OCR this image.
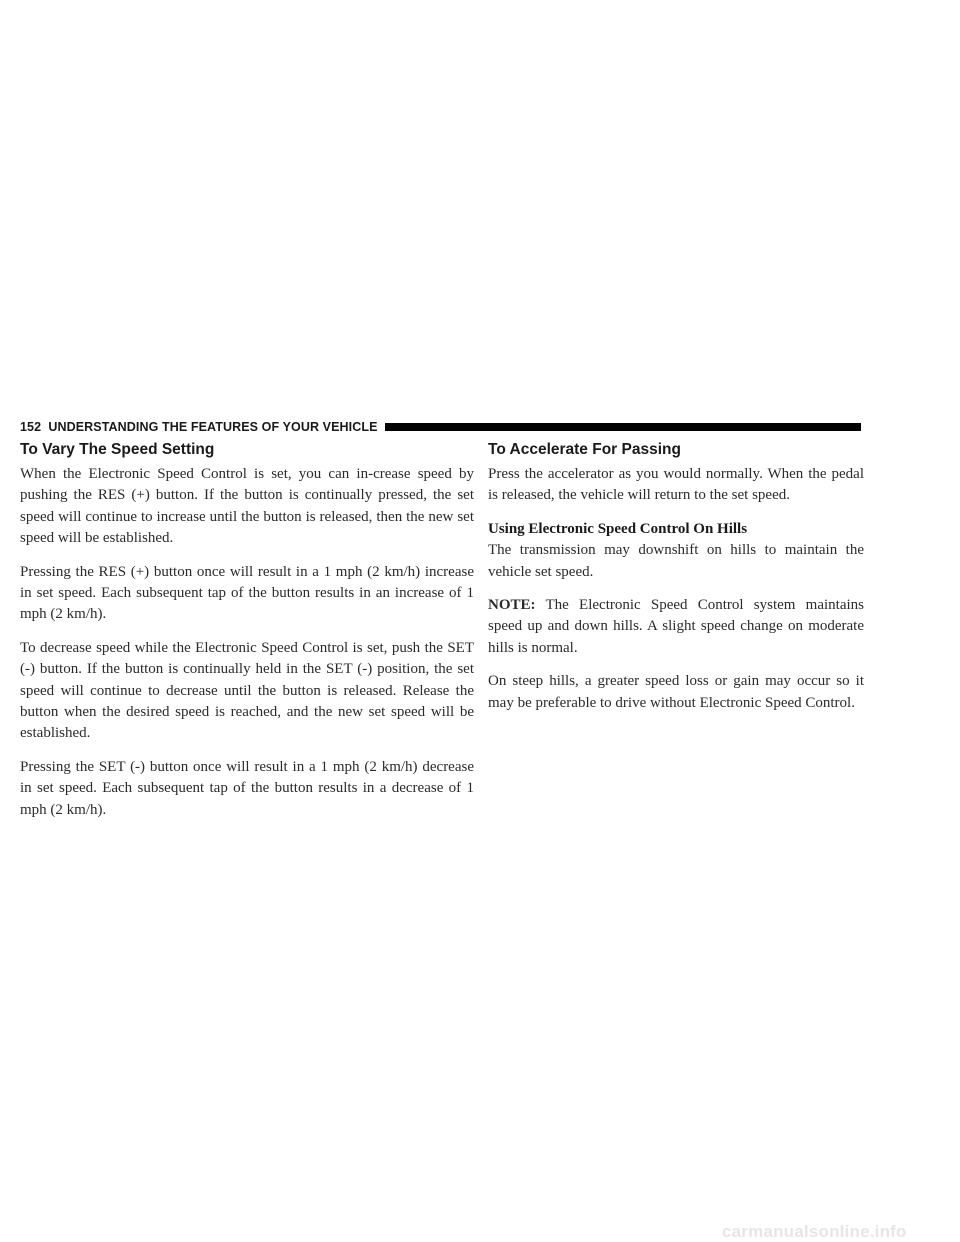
152 UNDERSTANDING THE FEATURES OF YOUR VEHICLE
To Vary The Speed Setting

When the Electronic Speed Control is set, you can in-crease speed by pushing the RES (+) button. If the button is continually pressed, the set speed will continue to increase until the button is released, then the new set speed will be established.

Pressing the RES (+) button once will result in a 1 mph (2 km/h) increase in set speed. Each subsequent tap of the button results in an increase of 1 mph (2 km/h).

To decrease speed while the Electronic Speed Control is set, push the SET (-) button. If the button is continually held in the SET (-) position, the set speed will continue to decrease until the button is released. Release the button when the desired speed is reached, and the new set speed will be established.

Pressing the SET (-) button once will result in a 1 mph (2 km/h) decrease in set speed. Each subsequent tap of the button results in a decrease of 1 mph (2 km/h).

To Accelerate For Passing

Press the accelerator as you would normally. When the pedal is released, the vehicle will return to the set speed.

Using Electronic Speed Control On Hills

The transmission may downshift on hills to maintain the vehicle set speed.

NOTE: The Electronic Speed Control system maintains speed up and down hills. A slight speed change on moderate hills is normal.

On steep hills, a greater speed loss or gain may occur so it may be preferable to drive without Electronic Speed Control.

carmanualsonline.info
